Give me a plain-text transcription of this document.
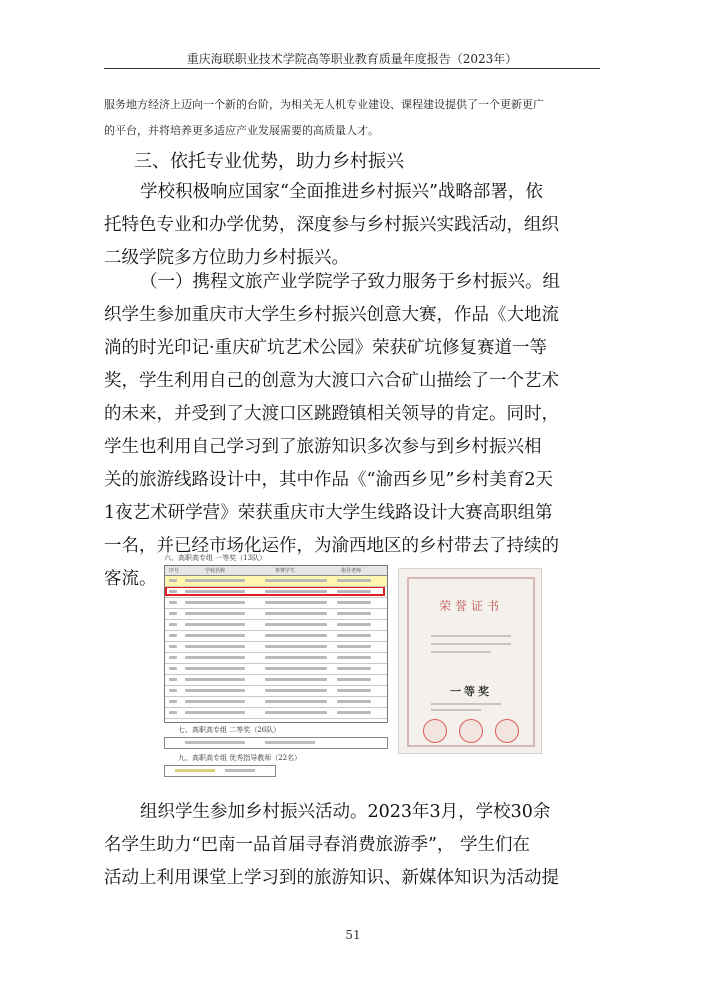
重庆海联职业技术学院高等职业教育质量年度报告（2023年）
服务地方经济上迈向一个新的台阶，为相关无人机专业建设、课程建设提供了一个更新更广
的平台，并将培养更多适应产业发展需要的高质量人才。
三、依托专业优势，助力乡村振兴
学校积极响应国家“全面推进乡村振兴”战略部署，依
托特色专业和办学优势，深度参与乡村振兴实践活动，组织
二级学院多方位助力乡村振兴。
（一）携程文旅产业学院学子致力服务于乡村振兴。组
织学生参加重庆市大学生乡村振兴创意大赛，作品《大地流
淌的时光印记·重庆矿坑艺术公园》荣获矿坑修复赛道一等
奖，学生利用自己的创意为大渡口六合矿山描绘了一个艺术
的未来，并受到了大渡口区跳蹬镇相关领导的肯定。同时，
学生也利用自己学习到了旅游知识多次参与到乡村振兴相
关的旅游线路设计中，其中作品《“渝西乡见”乡村美育2天
1夜艺术研学营》荣获重庆市大学生线路设计大赛高职组第
一名，并已经市场化运作，为渝西地区的乡村带去了持续的
客流。
六、高职高专组 一等奖（13队）
序号	学校名称	参赛学生	指导老师
七、高职高专组 二等奖（26队）
九、高职高专组 优秀指导教师（22名）
荣誉证书
一等奖
组织学生参加乡村振兴活动。2023年3月，学校30余
名学生助力“巴南一品首届寻春消费旅游季”， 学生们在
活动上利用课堂上学习到的旅游知识、新媒体知识为活动提
51
